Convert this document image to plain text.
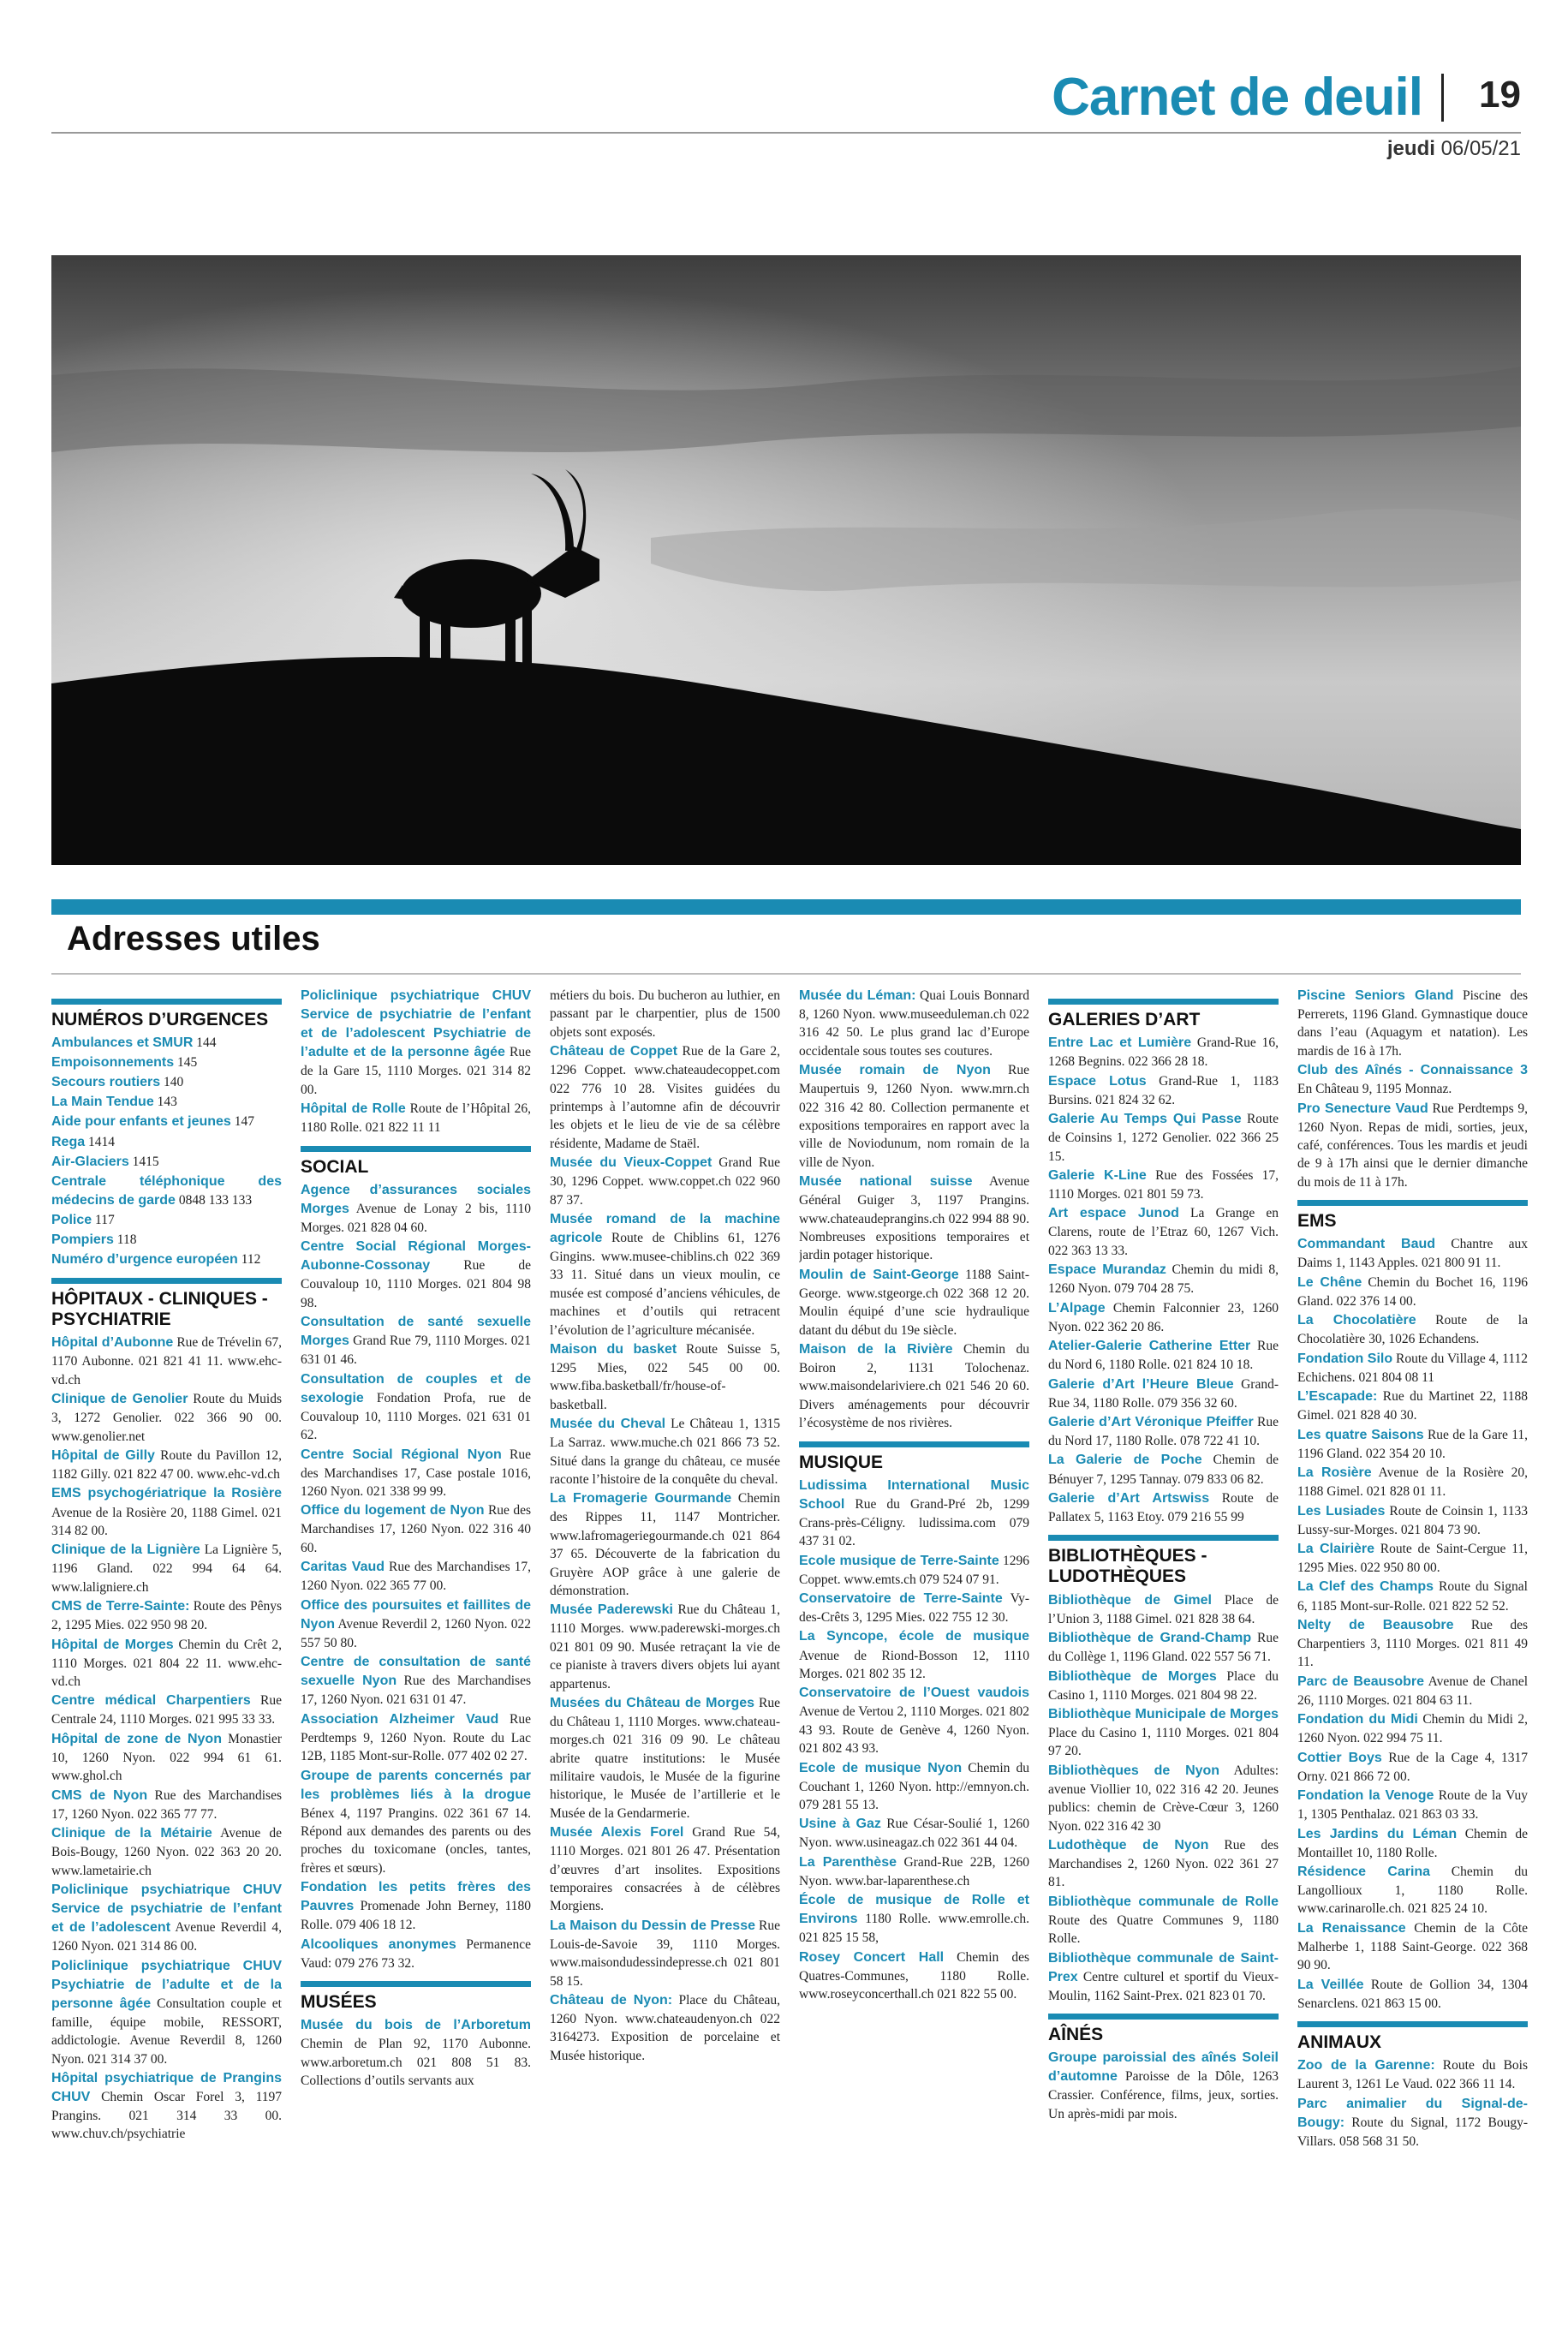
Carnet de deuil 19
jeudi 06/05/21
Adresses utiles
NUMÉROS D’URGENCES
Ambulances et SMUR 144
Empoisonnements 145
Secours routiers 140
La Main Tendue 143
Aide pour enfants et jeunes 147
Rega 1414
Air-Glaciers 1415
Centrale téléphonique des médecins de garde 0848 133 133
Police 117
Pompiers 118
Numéro d’urgence européen 112
HÔPITAUX - CLINIQUES - PSYCHIATRIE
Hôpital d’Aubonne Rue de Trévelin 67, 1170 Aubonne. 021 821 41 11. www.ehc-vd.ch
Clinique de Genolier Route du Muids 3, 1272 Genolier. 022 366 90 00. www.genolier.net
Hôpital de Gilly Route du Pavillon 12, 1182 Gilly. 021 822 47 00. www.ehc-vd.ch
EMS psychogériatrique la Rosière Avenue de la Rosière 20, 1188 Gimel. 021 314 82 00.
Clinique de la Lignière La Lignière 5, 1196 Gland. 022 994 64 64. www.laligniere.ch
CMS de Terre-Sainte: Route des Pênys 2, 1295 Mies. 022 950 98 20.
Hôpital de Morges Chemin du Crêt 2, 1110 Morges. 021 804 22 11. www.ehc-vd.ch
Centre médical Charpentiers Rue Centrale 24, 1110 Morges. 021 995 33 33.
Hôpital de zone de Nyon Monastier 10, 1260 Nyon. 022 994 61 61. www.ghol.ch
CMS de Nyon Rue des Marchandises 17, 1260 Nyon. 022 365 77 77.
Clinique de la Métairie Avenue de Bois-Bougy, 1260 Nyon. 022 363 20 20. www.lametairie.ch
Policlinique psychiatrique CHUV Service de psychiatrie de l’enfant et de l’adolescent Avenue Reverdil 4, 1260 Nyon. 021 314 86 00.
Policlinique psychiatrique CHUV Psychiatrie de l’adulte et de la personne âgée Consultation couple et famille, équipe mobile, RESSORT, addictologie. Avenue Reverdil 8, 1260 Nyon. 021 314 37 00.
Hôpital psychiatrique de Prangins CHUV Chemin Oscar Forel 3, 1197 Prangins. 021 314 33 00. www.chuv.ch/psychiatrie
Policlinique psychiatrique CHUV Service de psychiatrie de l’enfant et de l’adolescent Psychiatrie de l’adulte et de la personne âgée Rue de la Gare 15, 1110 Morges. 021 314 82 00.
Hôpital de Rolle Route de l’Hôpital 26, 1180 Rolle. 021 822 11 11
SOCIAL
Agence d’assurances sociales Morges Avenue de Lonay 2 bis, 1110 Morges. 021 828 04 60.
Centre Social Régional Morges-Aubonne-Cossonay Rue de Couvaloup 10, 1110 Morges. 021 804 98 98.
Consultation de santé sexuelle Morges Grand Rue 79, 1110 Morges. 021 631 01 46.
Consultation de couples et de sexologie Fondation Profa, rue de Couvaloup 10, 1110 Morges. 021 631 01 62.
Centre Social Régional Nyon Rue des Marchandises 17, Case postale 1016, 1260 Nyon. 021 338 99 99.
Office du logement de Nyon Rue des Marchandises 17, 1260 Nyon. 022 316 40 60.
Caritas Vaud Rue des Marchandises 17, 1260 Nyon. 022 365 77 00.
Office des poursuites et faillites de Nyon Avenue Reverdil 2, 1260 Nyon. 022 557 50 80.
Centre de consultation de santé sexuelle Nyon Rue des Marchandises 17, 1260 Nyon. 021 631 01 47.
Association Alzheimer Vaud Rue Perdtemps 9, 1260 Nyon. Route du Lac 12B, 1185 Mont-sur-Rolle. 077 402 02 27.
Groupe de parents concernés par les problèmes liés à la drogue Bénex 4, 1197 Prangins. 022 361 67 14. Répond aux demandes des parents ou des proches du toxicomane (oncles, tantes, frères et sœurs).
Fondation les petits frères des Pauvres Promenade John Berney, 1180 Rolle. 079 406 18 12.
Alcooliques anonymes Permanence Vaud: 079 276 73 32.
MUSÉES
Musée du bois de l’Arboretum Chemin de Plan 92, 1170 Aubonne. www.arboretum.ch 021 808 51 83. Collections d’outils servants aux
métiers du bois. Du bucheron au luthier, en passant par le charpentier, plus de 1500 objets sont exposés.
Château de Coppet Rue de la Gare 2, 1296 Coppet. www.chateaudecoppet.com 022 776 10 28. Visites guidées du printemps à l’automne afin de découvrir les objets et le lieu de vie de sa célèbre résidente, Madame de Staël.
Musée du Vieux-Coppet Grand Rue 30, 1296 Coppet. www.coppet.ch 022 960 87 37.
Musée romand de la machine agricole Route de Chiblins 61, 1276 Gingins. www.musee-chiblins.ch 022 369 33 11. Situé dans un vieux moulin, ce musée est composé d’anciens véhicules, de machines et d’outils qui retracent l’évolution de l’agriculture mécanisée.
Maison du basket Route Suisse 5, 1295 Mies, 022 545 00 00. www.fiba.basketball/fr/house-of-basketball.
Musée du Cheval Le Château 1, 1315 La Sarraz. www.muche.ch 021 866 73 52. Situé dans la grange du château, ce musée raconte l’histoire de la conquête du cheval.
La Fromagerie Gourmande Chemin des Rippes 11, 1147 Montricher. www.lafromageriegourmande.ch 021 864 37 65. Découverte de la fabrication du Gruyère AOP grâce à une galerie de démonstration.
Musée Paderewski Rue du Château 1, 1110 Morges. www.paderewski-morges.ch 021 801 09 90. Musée retraçant la vie de ce pianiste à travers divers objets lui ayant appartenus.
Musées du Château de Morges Rue du Château 1, 1110 Morges. www.chateau-morges.ch 021 316 09 90. Le château abrite quatre institutions: le Musée militaire vaudois, le Musée de la figurine historique, le Musée de l’artillerie et le Musée de la Gendarmerie.
Musée Alexis Forel Grand Rue 54, 1110 Morges. 021 801 26 47. Présentation d’œuvres d’art insolites. Expositions temporaires consacrées à de célèbres Morgiens.
La Maison du Dessin de Presse Rue Louis-de-Savoie 39, 1110 Morges. www.maisondudessindepresse.ch 021 801 58 15.
Château de Nyon: Place du Château, 1260 Nyon. www.chateaudenyon.ch 022 3164273. Exposition de porcelaine et Musée historique.
Musée du Léman: Quai Louis Bonnard 8, 1260 Nyon. www.museeduleman.ch 022 316 42 50. Le plus grand lac d’Europe occidentale sous toutes ses coutures.
Musée romain de Nyon Rue Maupertuis 9, 1260 Nyon. www.mrn.ch 022 316 42 80. Collection permanente et expositions temporaires en rapport avec la ville de Noviodunum, nom romain de la ville de Nyon.
Musée national suisse Avenue Général Guiger 3, 1197 Prangins. www.chateaudeprangins.ch 022 994 88 90. Nombreuses expositions temporaires et jardin potager historique.
Moulin de Saint-George 1188 Saint-George. www.stgeorge.ch 022 368 12 20. Moulin équipé d’une scie hydraulique datant du début du 19e siècle.
Maison de la Rivière Chemin du Boiron 2, 1131 Tolochenaz. www.maisondelariviere.ch 021 546 20 60. Divers aménagements pour découvrir l’écosystème de nos rivières.
MUSIQUE
Ludissima International Music School Rue du Grand-Pré 2b, 1299 Crans-près-Céligny. ludissima.com 079 437 31 02.
Ecole musique de Terre-Sainte 1296 Coppet. www.emts.ch 079 524 07 91.
Conservatoire de Terre-Sainte Vy-des-Crêts 3, 1295 Mies. 022 755 12 30.
La Syncope, école de musique Avenue de Riond-Bosson 12, 1110 Morges. 021 802 35 12.
Conservatoire de l’Ouest vaudois Avenue de Vertou 2, 1110 Morges. 021 802 43 93. Route de Genève 4, 1260 Nyon. 021 802 43 93.
Ecole de musique Nyon Chemin du Couchant 1, 1260 Nyon. http://emnyon.ch. 079 281 55 13.
Usine à Gaz Rue César-Soulié 1, 1260 Nyon. www.usineagaz.ch 022 361 44 04.
La Parenthèse Grand-Rue 22B, 1260 Nyon. www.bar-laparenthese.ch
École de musique de Rolle et Environs 1180 Rolle. www.emrolle.ch. 021 825 15 58,
Rosey Concert Hall Chemin des Quatres-Communes, 1180 Rolle. www.roseyconcerthall.ch 021 822 55 00.
GALERIES D’ART
Entre Lac et Lumière Grand-Rue 16, 1268 Begnins. 022 366 28 18.
Espace Lotus Grand-Rue 1, 1183 Bursins. 021 824 32 62.
Galerie Au Temps Qui Passe Route de Coinsins 1, 1272 Genolier. 022 366 25 15.
Galerie K-Line Rue des Fossées 17, 1110 Morges. 021 801 59 73.
Art espace Junod La Grange en Clarens, route de l’Etraz 60, 1267 Vich. 022 363 13 33.
Espace Murandaz Chemin du midi 8, 1260 Nyon. 079 704 28 75.
L’Alpage Chemin Falconnier 23, 1260 Nyon. 022 362 20 86.
Atelier-Galerie Catherine Etter Rue du Nord 6, 1180 Rolle. 021 824 10 18.
Galerie d’Art l’Heure Bleue Grand-Rue 34, 1180 Rolle. 079 356 32 60.
Galerie d’Art Véronique Pfeiffer Rue du Nord 17, 1180 Rolle. 078 722 41 10.
La Galerie de Poche Chemin de Bénuyer 7, 1295 Tannay. 079 833 06 82.
Galerie d’Art Artswiss Route de Pallatex 5, 1163 Etoy. 079 216 55 99
BIBLIOTHÈQUES - LUDOTHÈQUES
Bibliothèque de Gimel Place de l’Union 3, 1188 Gimel. 021 828 38 64.
Bibliothèque de Grand-Champ Rue du Collège 1, 1196 Gland. 022 557 56 71.
Bibliothèque de Morges Place du Casino 1, 1110 Morges. 021 804 98 22.
Bibliothèque Municipale de Morges Place du Casino 1, 1110 Morges. 021 804 97 20.
Bibliothèques de Nyon Adultes: avenue Viollier 10, 022 316 42 20. Jeunes publics: chemin de Crève-Cœur 3, 1260 Nyon. 022 316 42 30
Ludothèque de Nyon Rue des Marchandises 2, 1260 Nyon. 022 361 27 81.
Bibliothèque communale de Rolle Route des Quatre Communes 9, 1180 Rolle.
Bibliothèque communale de Saint-Prex Centre culturel et sportif du Vieux-Moulin, 1162 Saint-Prex. 021 823 01 70.
AÎNÉS
Groupe paroissial des aînés Soleil d’automne Paroisse de la Dôle, 1263 Crassier. Conférence, films, jeux, sorties. Un après-midi par mois.
Piscine Seniors Gland Piscine des Perrerets, 1196 Gland. Gymnastique douce dans l’eau (Aquagym et natation). Les mardis de 16 à 17h.
Club des Aînés - Connaissance 3 En Château 9, 1195 Monnaz.
Pro Senecture Vaud Rue Perdtemps 9, 1260 Nyon. Repas de midi, sorties, jeux, café, conférences. Tous les mardis et jeudi de 9 à 17h ainsi que le dernier dimanche du mois de 11 à 17h.
EMS
Commandant Baud Chantre aux Daims 1, 1143 Apples. 021 800 91 11.
Le Chêne Chemin du Bochet 16, 1196 Gland. 022 376 14 00.
La Chocolatière Route de la Chocolatière 30, 1026 Echandens.
Fondation Silo Route du Village 4, 1112 Echichens. 021 804 08 11
L’Escapade: Rue du Martinet 22, 1188 Gimel. 021 828 40 30.
Les quatre Saisons Rue de la Gare 11, 1196 Gland. 022 354 20 10.
La Rosière Avenue de la Rosière 20, 1188 Gimel. 021 828 01 11.
Les Lusiades Route de Coinsin 1, 1133 Lussy-sur-Morges. 021 804 73 90.
La Clairière Route de Saint-Cergue 11, 1295 Mies. 022 950 80 00.
La Clef des Champs Route du Signal 6, 1185 Mont-sur-Rolle. 021 822 52 52.
Nelty de Beausobre Rue des Charpentiers 3, 1110 Morges. 021 811 49 11.
Parc de Beausobre Avenue de Chanel 26, 1110 Morges. 021 804 63 11.
Fondation du Midi Chemin du Midi 2, 1260 Nyon. 022 994 75 11.
Cottier Boys Rue de la Cage 4, 1317 Orny. 021 866 72 00.
Fondation la Venoge Route de la Vuy 1, 1305 Penthalaz. 021 863 03 33.
Les Jardins du Léman Chemin de Montaillet 10, 1180 Rolle.
Résidence Carina Chemin du Langollioux 1, 1180 Rolle. www.carinarolle.ch. 021 825 24 10.
La Renaissance Chemin de la Côte Malherbe 1, 1188 Saint-George. 022 368 90 90.
La Veillée Route de Gollion 34, 1304 Senarclens. 021 863 15 00.
ANIMAUX
Zoo de la Garenne: Route du Bois Laurent 3, 1261 Le Vaud. 022 366 11 14.
Parc animalier du Signal-de-Bougy: Route du Signal, 1172 Bougy-Villars. 058 568 31 50.
